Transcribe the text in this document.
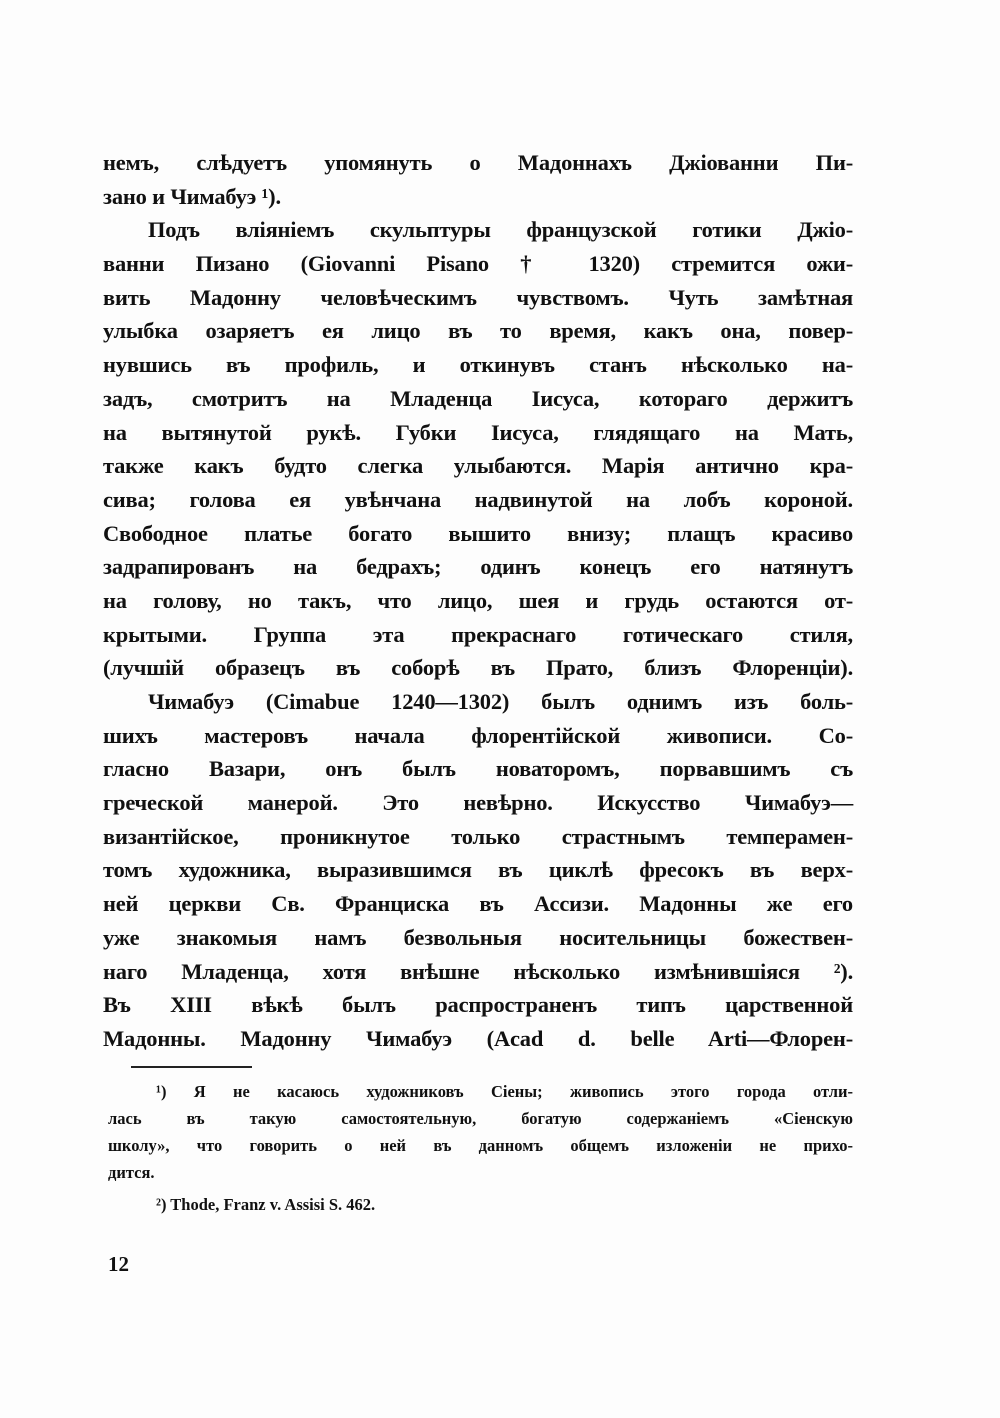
немъ, слѣдуетъ упомянуть о Мадоннахъ Джіованни Пи-
зано и Чимабуэ ¹).
Подъ вліяніемъ скульптуры французской готики Джіо-
ванни Пизано (Giovanni Pisano † 1320) стремится ожи-
вить Мадонну человѣческимъ чувствомъ. Чуть замѣтная
улыбка озаряетъ ея лицо въ то время, какъ она, повер-
нувшись въ профиль, и откинувъ станъ нѣсколько на-
задъ, смотритъ на Младенца Іисуса, котораго держитъ
на вытянутой рукѣ. Губки Іисуса, глядящаго на Мать,
также какъ будто слегка улыбаются. Марія антично кра-
сива; голова ея увѣнчана надвинутой на лобъ короной.
Свободное платье богато вышито внизу; плащъ красиво
задрапированъ на бедрахъ; одинъ конецъ его натянутъ
на голову, но такъ, что лицо, шея и грудь остаются от-
крытыми. Группа эта прекраснаго готическаго стиля,
(лучшій образецъ въ соборѣ въ Прато, близъ Флоренціи).
Чимабуэ (Cimabue 1240—1302) былъ однимъ изъ боль-
шихъ мастеровъ начала флорентійской живописи. Со-
гласно Вазари, онъ былъ новаторомъ, порвавшимъ съ
греческой манерой. Это невѣрно. Искусство Чимабуэ—
византійское, проникнутое только страстнымъ темперамен-
томъ художника, выразившимся въ циклѣ фресокъ въ верх-
ней церкви Св. Франциска въ Ассизи. Мадонны же его
уже знакомыя намъ безвольныя носительницы божествен-
наго Младенца, хотя внѣшне нѣсколько измѣнившіяся ²).
Въ XIII вѣкѣ былъ распространенъ типъ царственной
Мадонны. Мадонну Чимабуэ (Acad d. belle Arti—Флорен-
¹) Я не касаюсь художниковъ Сіены; живопись этого города отли-
лась въ такую самостоятельную, богатую содержаніемъ «Сіенскую
школу», что говорить о ней въ данномъ общемъ изложеніи не прихо-
дится.
²) Thode, Franz v. Assisi S. 462.
12
